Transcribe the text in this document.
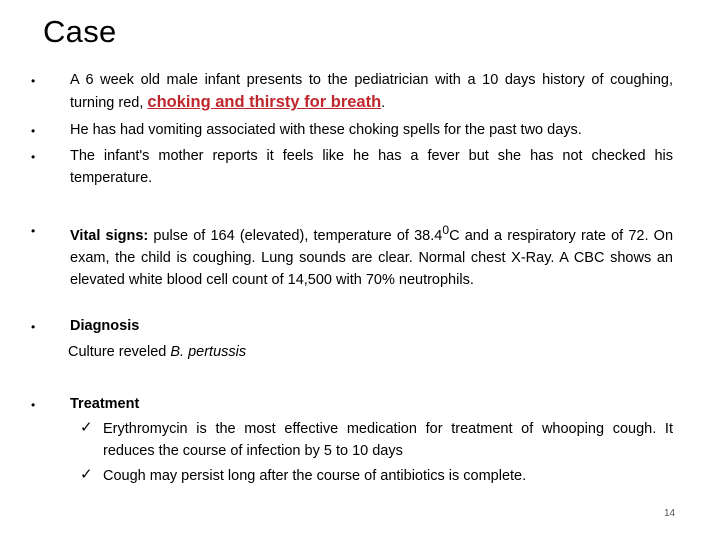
Case
• A 6 week old male infant presents to the pediatrician with a 10 days history of coughing, turning red, choking and thirsty for breath.
• He has had vomiting associated with these choking spells for the past two days.
• The infant's mother reports it feels like he has a fever but she has not checked his temperature.
• Vital signs: pulse of 164 (elevated), temperature of 38.4$^0$C and a respiratory rate of 72. On exam, the child is coughing. Lung sounds are clear. Normal chest X-Ray. A CBC shows an elevated white blood cell count of 14,500 with 70% neutrophils.
• Diagnosis
Culture reveled B. pertussis
• Treatment
✓ Erythromycin is the most effective medication for treatment of whooping cough. It reduces the course of infection by 5 to 10 days
✓ Cough may persist long after the course of antibiotics is complete.
14
